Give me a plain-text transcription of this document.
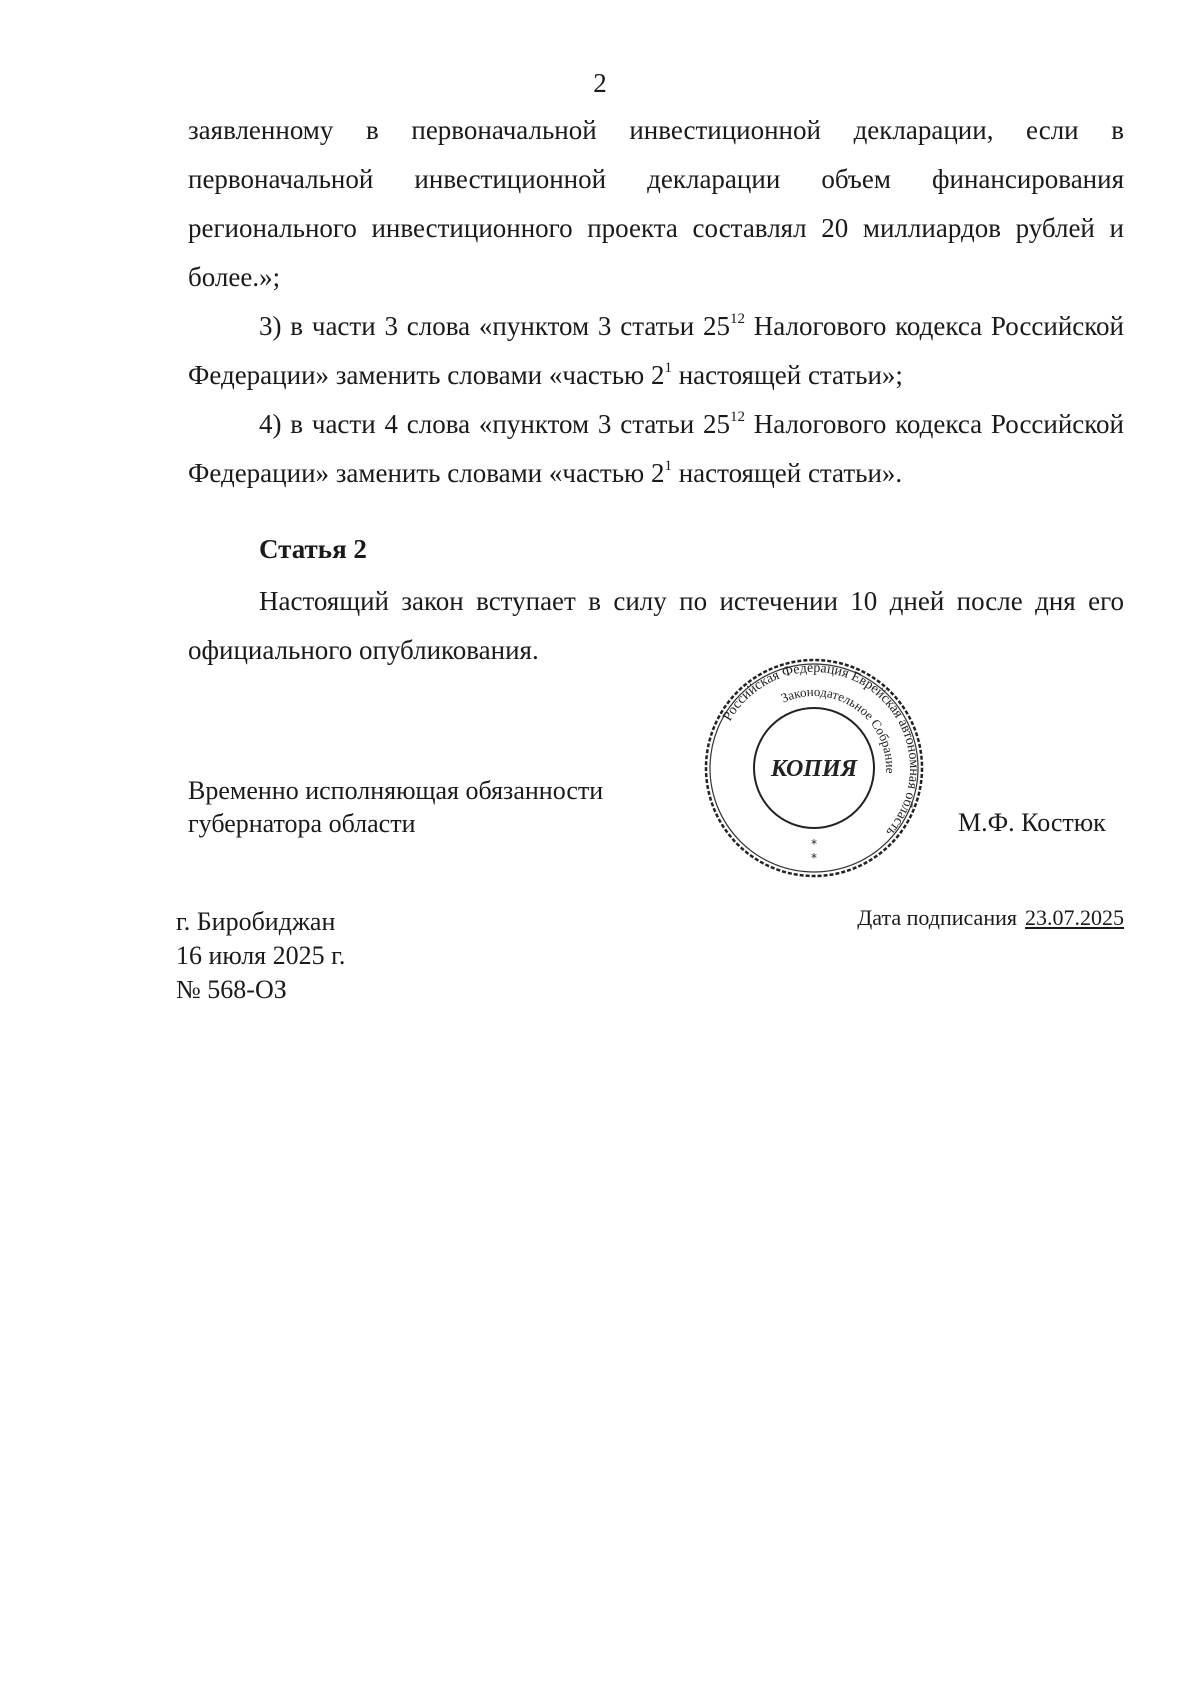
2

заявленному в первоначальной инвестиционной декларации, если в первоначальной инвестиционной декларации объем финансирования регионального инвестиционного проекта составлял 20 миллиардов рублей и более.»;

3) в части 3 слова «пунктом 3 статьи $25^{12}$ Налогового кодекса Российской Федерации» заменить словами «частью $2^1$ настоящей статьи»;

4) в части 4 слова «пунктом 3 статьи $25^{12}$ Налогового кодекса Российской Федерации» заменить словами «частью $2^1$ настоящей статьи».

Статья 2

Настоящий закон вступает в силу по истечении 10 дней после дня его официального опубликования.

Временно исполняющая обязанности
губернатора области
Российская Федерация Еврейская автономная область
Законодательное Собрание
КОПИЯ
*
*
М.Ф. Костюк
г. Биробиджан
16 июля 2025 г.
№ 568-ОЗ
Дата подписания 23.07.2025
